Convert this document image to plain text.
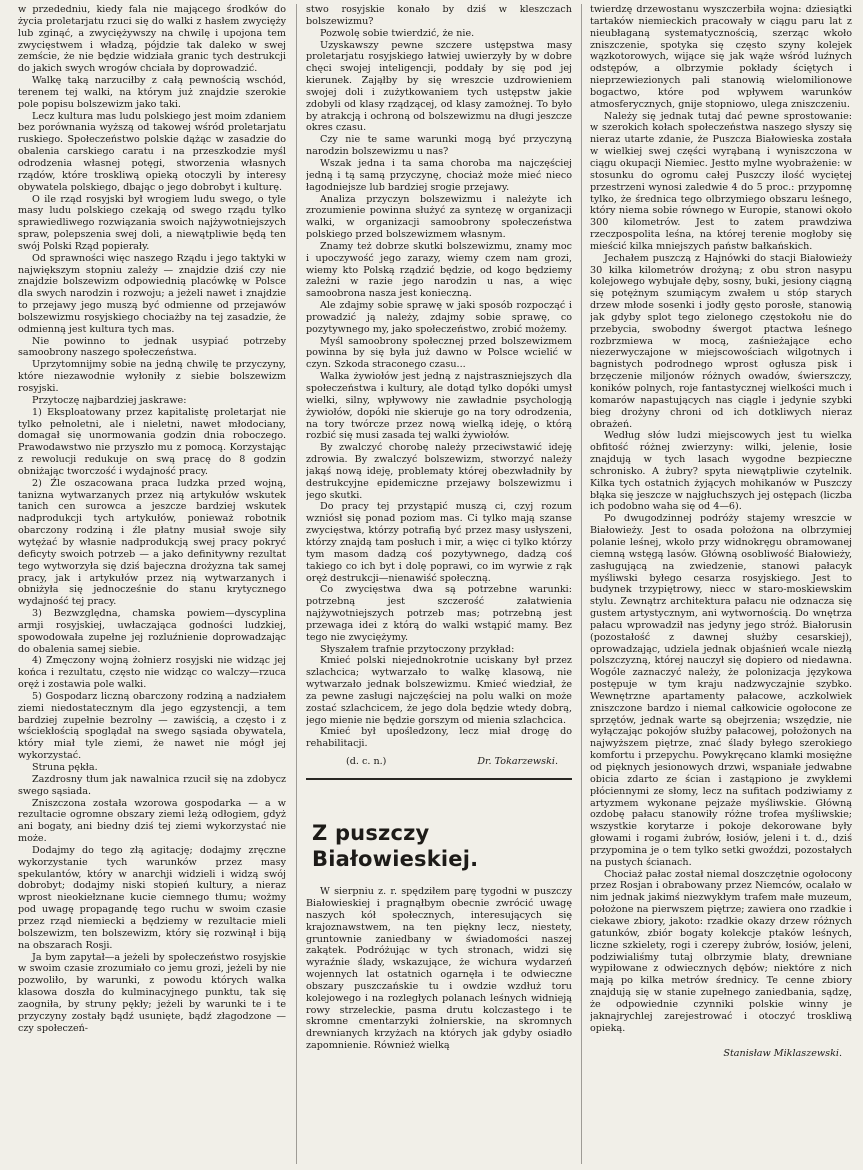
w przededniu, kiedy fala nie mającego środków do życia proletarjatu rzuci się do walki z hasłem zwycięży lub zginąć, a zwyciężywszy na chwilę i upojona tem zwycięstwem i władzą, pójdzie tak daleko w swej zemście, że nie będzie widziała granic tych destrukcji do jakich swych wrogów chciała by doprowadzić.

Walkę taką narzuciłby z całą pewnością wschód, terenem tej walki, na którym już znajdzie szerokie pole popisu bolszewizm jako taki.

Lecz kultura mas ludu polskiego jest moim zdaniem bez porównania wyższą od takowej wśród proletarjatu ruskiego. Społeczeństwo polskie dążąc w zasadzie do obalenia carskiego caratu i na przeszkodzie myśl odrodzenia własnej potęgi, stworzenia własnych rządów, które troskliwą opieką otoczyli by interesy obywatela polskiego, dbając o jego dobrobyt i kulturę.

O ile rząd rosyjski był wrogiem ludu swego, o tyle masy ludu polskiego czekają od swego rządu tylko sprawiedliwego rozwiązania swoich najżywotniejszych spraw, polepszenia swej doli, a niewątpliwie będą ten swój Polski Rząd popierały.

Od sprawności więc naszego Rządu i jego taktyki w największym stopniu zależy — znajdzie dziś czy nie znajdzie bolszewizm odpowiednią placówkę w Polsce dla swych narodzin i rozwoju; a jeżeli nawet i znajdzie to przejawy jego muszą być odmienne od przejawów bolszewizmu rosyjskiego chociażby na tej zasadzie, że odmienną jest kultura tych mas.

Nie powinno to jednak usypiać potrzeby samoobrony naszego społeczeństwa.

Uprzytomnijmy sobie na jedną chwilę te przyczyny, które niezawodnie wyłoniły z siebie bolszewizm rosyjski.

Przytoczę najbardziej jaskrawe:

1) Eksploatowany przez kapitalistę proletarjat nie tylko pełnoletni, ale i nieletni, nawet młodociany, domagał się unormowania godzin dnia roboczego. Prawodawstwo nie przyszło mu z pomocą. Korzystając z rewolucji redukuje on swą pracę do 8 godzin obniżając tworczość i wydajność pracy.

2) Źle oszacowana praca ludzka przed wojną, tanizna wytwarzanych przez nią artykułów wskutek tanich cen surowca a jeszcze bardziej wskutek nadprodukcji tych artykułów, ponieważ robotnik obarczony rodziną i źle płatny musiał swoje siły wytężać by własnie nadprodukcją swej pracy pokryć deficyty swoich potrzeb — a jako definitywny rezultat tego wytworzyła się dziś bajeczna drożyzna tak samej pracy, jak i artykułów przez nią wytwarzanych i obniżyła się jednocześnie do stanu krytycznego wydajność tej pracy.

3) Bezwzględna, chamska powiem—dyscyplina armji rosyjskiej, uwłaczająca godności ludzkiej, spowodowała zupełne jej rozluźnienie doprowadzając do obalenia samej siebie.

4) Zmęczony wojną żołnierz rosyjski nie widząc jej końca i rezultatu, często nie widząc co walczy—rzuca oręż i zostawia pole walki.

5) Gospodarz liczną obarczony rodziną a nadziałem ziemi niedostatecznym dla jego egzystencji, a tem bardziej zupełnie bezrolny — zawiścią, a często i z wściekłością spoglądał na swego sąsiada obywatela, który miał tyle ziemi, że nawet nie mógł jej wykorzystać.

Struna pękła.

Zazdrosny tłum jak nawalnica rzucił się na zdobycz swego sąsiada.

Zniszczona została wzorowa gospodarka — a w rezultacie ogromne obszary ziemi leżą odłogiem, gdyż ani bogaty, ani biedny dziś tej ziemi wykorzystać nie może.

Dodajmy do tego złą agitację; dodajmy zręczne wykorzystanie tych warunków przez masy spekulantów, który w anarchji widzieli i widzą swój dobrobyt; dodajmy niski stopień kultury, a nieraz wprost nieokiełznane kucie ciemnego tłumu; wożmy pod uwagę propagandę tego ruchu w swoim czasie przez rząd niemiecki a będziemy w rezultacie mieli bolszewizm, ten bolszewizm, który się rozwinął i biją na obszarach Rosji.

Ja bym zapytał—a jeżeli by społeczeństwo rosyjskie w swoim czasie zrozumiało co jemu grozi, jeżeli by nie pozwoliło, by warunki, z powodu których walka klasowa doszła do kulminacyjnego punktu, tak się zaogniła, by struny pękły; jeżeli by warunki te i te przyczyny zostały bądź usunięte, bądź złagodzone — czy społeczeń-

stwo rosyjskie konało by dziś w kleszczach bolszewizmu?

Pozwolę sobie twierdzić, że nie.

Uzyskawszy pewne szczere ustępstwa masy proletarjatu rosyjskiego łatwiej uwierzyły by w dobre chęci swojej inteligencji, poddały by się pod jej kierunek. Zająłby by się wreszcie uzdrowieniem swojej doli i zużytkowaniem tych ustępstw jakie zdobyli od klasy rządzącej, od klasy zamożnej. To było by atrakcją i ochroną od bolszewizmu na długi jeszcze okres czasu.

Czy nie te same warunki mogą być przyczyną narodzin bolszewizmu u nas?

Wszak jedna i ta sama choroba ma najczęściej jedną i tą samą przyczynę, chociaż może mieć nieco łagodniejsze lub bardziej srogie przejawy.

Analiza przyczyn bolszewizmu i należyte ich zrozumienie powinna służyć za syntezę w organizacji walki, w organizacji samoobrony społeczeństwa polskiego przed bolszewizmem własnym.

Znamy też dobrze skutki bolszewizmu, znamy moc i upoczywość jego zarazy, wiemy czem nam grozi, wiemy kto Polską rządzić będzie, od kogo będziemy zależni w razie jego narodzin u nas, a więc samoobrona nasza jest konieczną.

Ale zdajmy sobie sprawę w jaki sposób rozpocząć i prowadzić ją należy, zdajmy sobie sprawę, co pozytywnego my, jako społeczeństwo, zrobić możemy.

Myśl samoobrony społecznej przed bolszewizmem powinna by się była już dawno w Polsce wcielić w czyn. Szkoda straconego czasu...

Walka żywiołów jest jedną z najstraszniejszych dla społeczeństwa i kultury, ale dotąd tylko dopóki umysł wielki, silny, wpływowy nie zawładnie psychologją żywiołów, dopóki nie skieruje go na tory odrodzenia, na tory twórcze przez nową wielką ideję, o którą rozbić się musi zasada tej walki żywiołów.

By zwalczyć chorobę należy przeciwstawić ideję zdrowia. By zwalczyć bolszewizm, stworzyć należy jakąś nową ideję, problematy której obezwładniły by destrukcyjne epidemiczne przejawy bolszewizmu i jego skutki.

Do pracy tej przystąpić muszą ci, czyj rozum wzniósł się ponad poziom mas. Ci tylko mają szanse zwycięstwa, którzy potrafią być przez masy usłyszeni, którzy znajdą tam posłuch i mir, a więc ci tylko którzy tym masom dadzą coś pozytywnego, dadzą coś takiego co ich byt i dolę poprawi, co im wyrwie z rąk oręż destrukcji—nienawiść społeczną.

Co zwycięstwa dwa są potrzebne warunki: potrzebną jest szczerość załatwienia najżywotniejszych potrzeb mas; potrzebną jest przewaga idei z którą do walki wstąpić mamy. Bez tego nie zwyciężymy.

Słyszałem trafnie przytoczony przykład:

Kmieć polski niejednokrotnie uciskany był przez szlachcica; wytwarzało to walkę klasową, nie wytwarzało jednak bolszewizmu. Kmieć wiedział, że za pewne zasługi najczęściej na polu walki on może zostać szlachcicem, że jego dola będzie wtedy dobrą, jego mienie nie będzie gorszym od mienia szlachcica.

Kmieć był upośledzony, lecz miał drogę do rehabilitacji.

(d. c. n.)	Dr. Tokarzewski.
Z puszczy Białowieskiej.

W sierpniu z. r. spędziłem parę tygodni w puszczy Białowieskiej i pragnąłbym obecnie zwrócić uwagę naszych kół społecznych, interesujących się krajoznawstwem, na ten piękny lecz, niestety, gruntownie zaniedbany w świadomości naszej zakątek. Podróżując w tych stronach, widzi się wyraźnie ślady, wskazujące, że wichura wydarzeń wojennych lat ostatnich ogarnęła i te odwieczne obszary puszczańskie tu i owdzie wzdłuż toru kolejowego i na rozległych polanach leśnych widnieją rowy strzeleckie, pasma drutu kolczastego i te skromne cmentarzyki żołnierskie, na skromnych drewnianych krzyżach na których jak gdyby osiadło zapomnienie. Również wielką

twierdzę drzewostanu wyszczerbiła wojna: dziesiątki tartaków niemieckich pracowały w ciągu paru lat z nieubłaganą systematycznością, szerząc wkoło zniszczenie, spotyka się często szyny kolejek wązkotorowych, wijące się jak wąże wśród luźnych odstępów, a olbrzymie pokłady ściętych i nieprzewiezionych pali stanowią wielomilionowe bogactwo, które pod wpływem warunków atmosferycznych, gnije stopniowo, ulega zniszczeniu.

Należy się jednak tutaj dać pewne sprostowanie: w szerokich kołach społeczeństwa naszego słyszy się nieraz utarte zdanie, że Puszcza Białowieska została w wielkiej swej części wyrąbaną i wyniszczona w ciągu okupacji Niemiec. Jestto mylne wyobrażenie: w stosunku do ogromu całej Puszczy ilość wyciętej przestrzeni wynosi zaledwie 4 do 5 proc.: przypomnę tylko, że średnica tego olbrzymiego obszaru leśnego, który niema sobie równego w Europie, stanowi około 300 kilometrów. Jest to zatem prawdziwa rzeczpospolita leśna, na której terenie mogłoby się mieścić kilka mniejszych państw bałkańskich.

Jechałem puszczą z Hajnówki do stacji Białowieży 30 kilka kilometrów drożyną; z obu stron nasypu kolejowego wybujałe dęby, sosny, buki, jesiony ciągną się potężnym szumiącym zwałem u stóp starych drzew młode sosenki i jodły gęsto porosłe, stanowią jak gdyby splot tego zielonego częstokołu nie do przebycia, swobodny śwergot ptactwa leśnego rozbrzmiewa w mocą, zaśnieżające echo niezerwyczajone w miejscowościach wilgotnych i bagnistych podrodnego wprost ogłusza pisk i brzęczenie miljonów różnych owadów, świerszczy, koników polnych, roje fantastycznej wielkości much i komarów napastujących nas ciągle i jedynie szybki bieg drożyny chroni od ich dotkliwych nieraz obrażeń.

Według słów ludzi miejscowych jest tu wielka obfitość różnej zwierzyny: wilki, jelenie, łosie znajdują w tych lasach wygodne bezpieczne schronisko. A żubry? spyta niewątpliwie czytelnik. Kilka tych ostatnich żyjących mohikanów w Puszczy błąka się jeszcze w najgłuchszych jej ostępach (liczba ich podobno waha się od 4—6).

Po dwugodzinnej podróży stajemy wreszcie w Białowieży. Jest to osada położona na olbrzymiej polanie leśnej, wkoło przy widnokręgu obramowanej ciemną wstęgą lasów. Główną osobliwość Białowieży, zasługującą na zwiedzenie, stanowi pałacyk myśliwski byłego cesarza rosyjskiego. Jest to budynek trzypiętrowy, niecc w staro-moskiewskim stylu. Zewnątrz architektura pałacu nie odznacza się gustem artystycznym, ani wytwornością. Do wnętrza pałacu wprowadził nas jedyny jego stróż. Białorusin (pozostałość z dawnej służby cesarskiej), oprowadzając, udziela jednak objaśnień wcale niezłą polszczyzną, której nauczył się dopiero od niedawna. Wogóle zaznaczyć należy, że polonizacja językowa postępuje w tym kraju nadzwyczajnie szybko. Wewnętrzne apartamenty pałacowe, aczkolwiek zniszczone bardzo i niemal całkowicie ogołocone ze sprzętów, jednak warte są obejrzenia; wszędzie, nie wyłączając pokojów służby pałacowej, położonych na najwyższem piętrze, znać ślady byłego szerokiego komfortu i przepychu. Powykręcano klamki mosiężne od pięknych jesionowych drzwi, wspaniałe jedwabne obicia zdarto ze ścian i zastąpiono je zwykłemi płóciennymi ze słomy, lecz na sufitach podziwiamy z artyzmem wykonane pejzaże myśliwskie. Główną ozdobę pałacu stanowiły różne trofea myśliwskie; wszystkie korytarze i pokoje dekorowane były głowami i rogami żubrów, łosiów, jeleni i t. d., dziś przypomina je o tem tylko setki gwoździ, pozostałych na pustych ścianach.

Chociaż pałac został niemal doszczętnie ogołocony przez Rosjan i obrabowany przez Niemców, ocalało w nim jednak jakimś niezwykłym trafem małe muzeum, położone na pierwszem piętrze; zawiera ono rzadkie i ciekawe zbiory, jakoto: rzadkie okazy drzew różnych gatunków, zbiór bogaty kolekcje ptaków leśnych, liczne szkielety, rogi i czerepy żubrów, łosiów, jeleni, podziwialiśmy tutaj olbrzymie blaty, drewniane wypiłowane z odwiecznych dębów; niektóre z nich mają po kilka metrów średnicy. Te cenne zbiory znajdują się w stanie zupełnego zaniedbania, sądzę, że odpowiednie czynniki polskie winny je jaknajrychlej zarejestrować i otoczyć troskliwą opieką.

Stanisław Miklaszewski.
